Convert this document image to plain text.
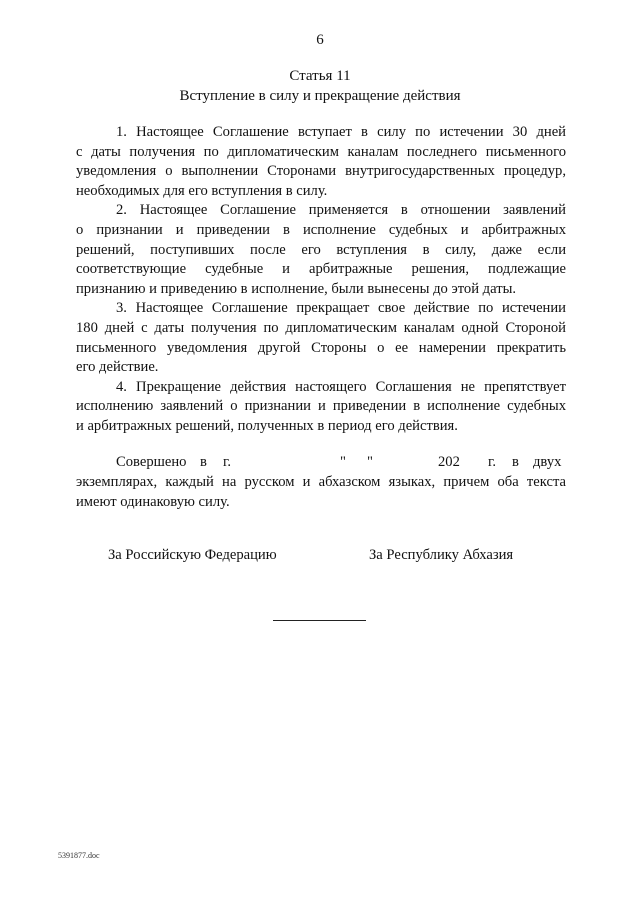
6
Статья 11
Вступление в силу и прекращение действия

1. Настоящее Соглашение вступает в силу по истечении 30 дней
с даты получения по дипломатическим каналам последнего письменного
уведомления о выполнении Сторонами внутригосударственных процедур,
необходимых для его вступления в силу.

2. Настоящее Соглашение применяется в отношении заявлений
о признании и приведении в исполнение судебных и арбитражных
решений, поступивших после его вступления в силу, даже если
соответствующие судебные и арбитражные решения, подлежащие
признанию и приведению в исполнение, были вынесены до этой даты.

3. Настоящее Соглашение прекращает свое действие по истечении
180 дней с даты получения по дипломатическим каналам одной Стороной
письменного уведомления другой Стороны о ее намерении прекратить
его действие.

4. Прекращение действия настоящего Соглашения не препятствует
исполнению заявлений о признании и приведении в исполнение судебных
и арбитражных решений, полученных в период его действия.

Совершено в г.	" "	202 г. в двух
экземплярах, каждый на русском и абхазском языках, причем оба текста
имеют одинаковую силу.
За Российскую Федерацию	За Республику Абхазия
5391877.doc
